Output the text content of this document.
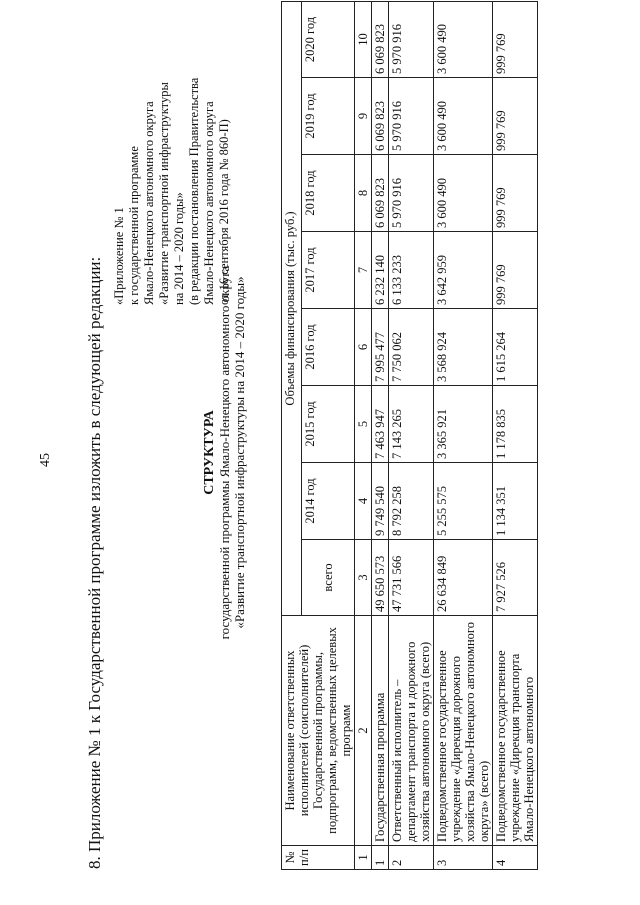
45 8. Приложение № 1 к Государственной программе изложить в следующей редакции:
«Приложение № 1 к государственной программе Ямало-Ненецкого автономного округа «Развитие транспортной инфраструктуры на 2014 – 2020 годы» (в редакции постановления Правительства Ямало-Ненецкого автономного округа от 16 сентября 2016 года № 860-П)
СТРУКТУРА государственной программы Ямало-Ненецкого автономного округа «Развитие транспортной инфраструктуры на 2014 – 2020 годы»
№ п/п	Наименование ответственных исполнителей (соисполнителей) Государственной программы, подпрограмм, ведомственных целевых программ	Объемы финансирования (тыс. руб.)							
		всего	2014 год	2015 год	2016 год	2017 год	2018 год	2019 год	2020 год
1	2	3	4	5	6	7	8	9	10
1	Государственная программа	49 650 573	9 749 540	7 463 947	7 995 477	6 232 140	6 069 823	6 069 823	6 069 823
2	Ответственный исполнитель – департамент транспорта и дорожного хозяйства автономного округа (всего)	47 731 566	8 792 258	7 143 265	7 750 062	6 133 233	5 970 916	5 970 916	5 970 916
3	Подведомственное государственное учреждение «Дирекция дорожного хозяйства Ямало-Ненецкого автономного округа» (всего)	26 634 849	5 255 575	3 365 921	3 568 924	3 642 959	3 600 490	3 600 490	3 600 490
4	Подведомственное государственное учреждение «Дирекция транспорта Ямало-Ненецкого автономного	7 927 526	1 134 351	1 178 835	1 615 264	999 769	999 769	999 769	999 769
